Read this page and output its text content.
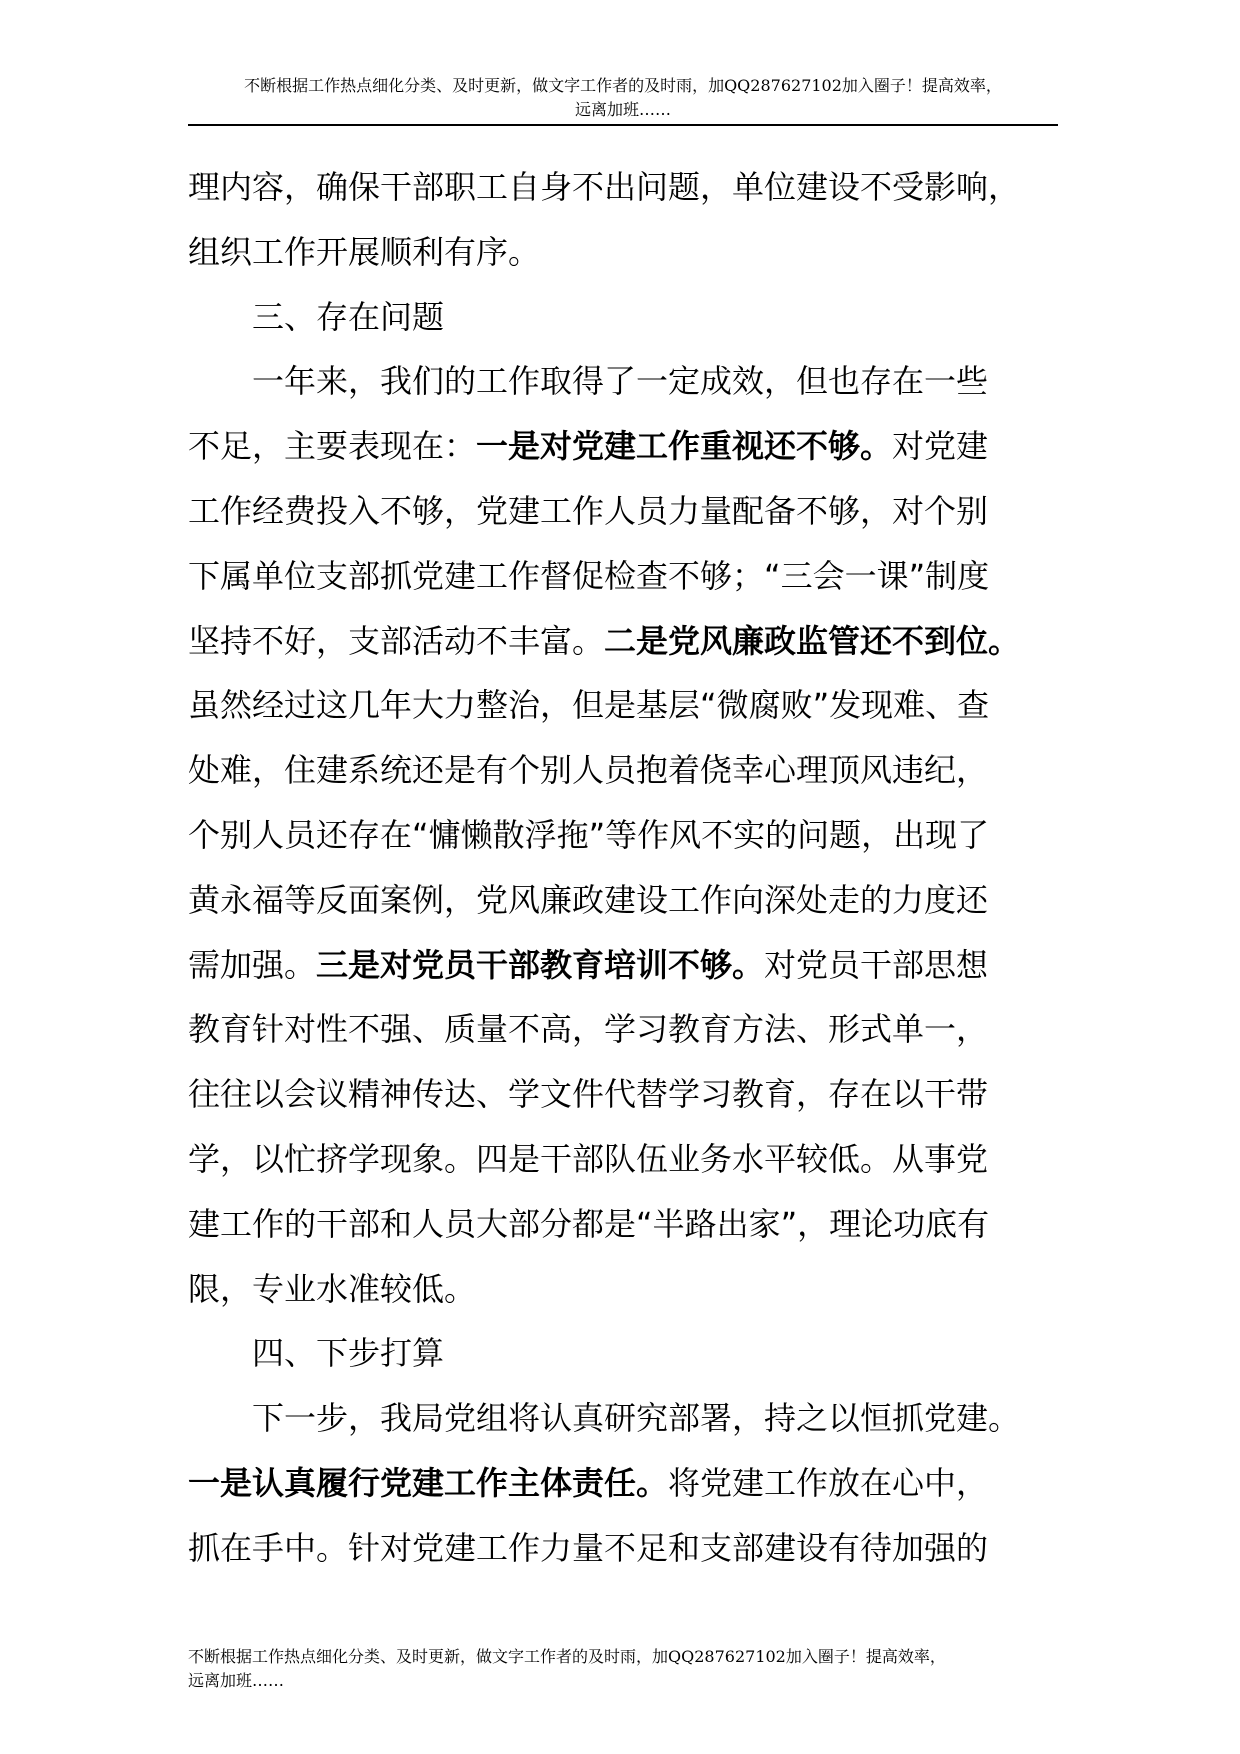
不断根据工作热点细化分类、及时更新，做文字工作者的及时雨，加QQ287627102加入圈子！提高效率，
远离加班……
理内容，确保干部职工自身不出问题，单位建设不受影响，
组织工作开展顺利有序。
三、存在问题
一年来，我们的工作取得了一定成效，但也存在一些
不足，主要表现在：一是对党建工作重视还不够。对党建
工作经费投入不够，党建工作人员力量配备不够，对个别
下属单位支部抓党建工作督促检查不够；“三会一课”制度
坚持不好，支部活动不丰富。二是党风廉政监管还不到位。
虽然经过这几年大力整治，但是基层“微腐败”发现难、查
处难，住建系统还是有个别人员抱着侥幸心理顶风违纪，
个别人员还存在“慵懒散浮拖”等作风不实的问题，出现了
黄永福等反面案例，党风廉政建设工作向深处走的力度还
需加强。三是对党员干部教育培训不够。对党员干部思想
教育针对性不强、质量不高，学习教育方法、形式单一，
往往以会议精神传达、学文件代替学习教育，存在以干带
学，以忙挤学现象。四是干部队伍业务水平较低。从事党
建工作的干部和人员大部分都是“半路出家”，理论功底有
限，专业水准较低。
四、下步打算
下一步，我局党组将认真研究部署，持之以恒抓党建。
一是认真履行党建工作主体责任。将党建工作放在心中，
抓在手中。针对党建工作力量不足和支部建设有待加强的
不断根据工作热点细化分类、及时更新，做文字工作者的及时雨，加QQ287627102加入圈子！提高效率，
远离加班……
